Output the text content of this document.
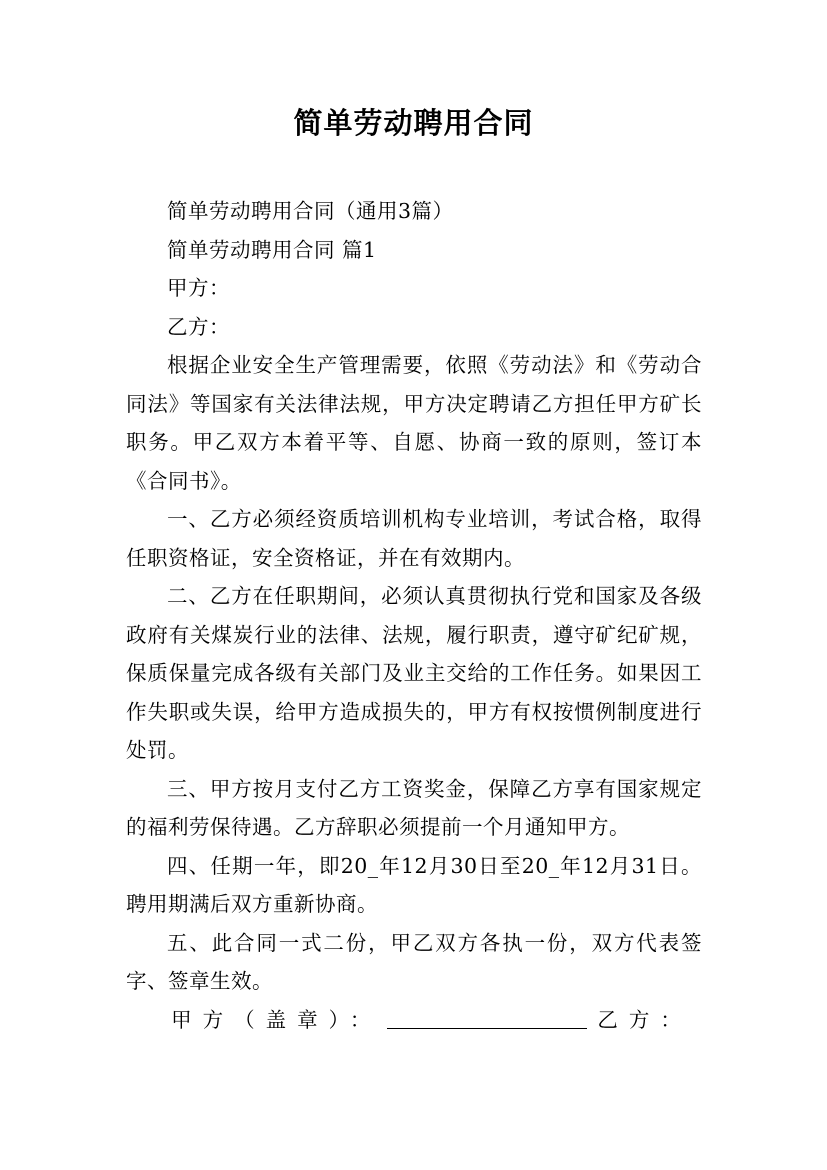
简单劳动聘用合同

简单劳动聘用合同（通用3篇）

简单劳动聘用合同 篇1

甲方：

乙方：

根据企业安全生产管理需要，依照《劳动法》和《劳动合同法》等国家有关法律法规，甲方决定聘请乙方担任甲方矿长职务。甲乙双方本着平等、自愿、协商一致的原则，签订本《合同书》。

一、乙方必须经资质培训机构专业培训，考试合格，取得任职资格证，安全资格证，并在有效期内。

二、乙方在任职期间，必须认真贯彻执行党和国家及各级政府有关煤炭行业的法律、法规，履行职责，遵守矿纪矿规，保质保量完成各级有关部门及业主交给的工作任务。如果因工作失职或失误，给甲方造成损失的，甲方有权按惯例制度进行处罚。

三、甲方按月支付乙方工资奖金，保障乙方享有国家规定的福利劳保待遇。乙方辞职必须提前一个月通知甲方。

四、任期一年，即20_年12月30日至20_年12月31日。聘用期满后双方重新协商。

五、此合同一式二份，甲乙双方各执一份，双方代表签字、签章生效。

甲方（盖章）：	乙方：
